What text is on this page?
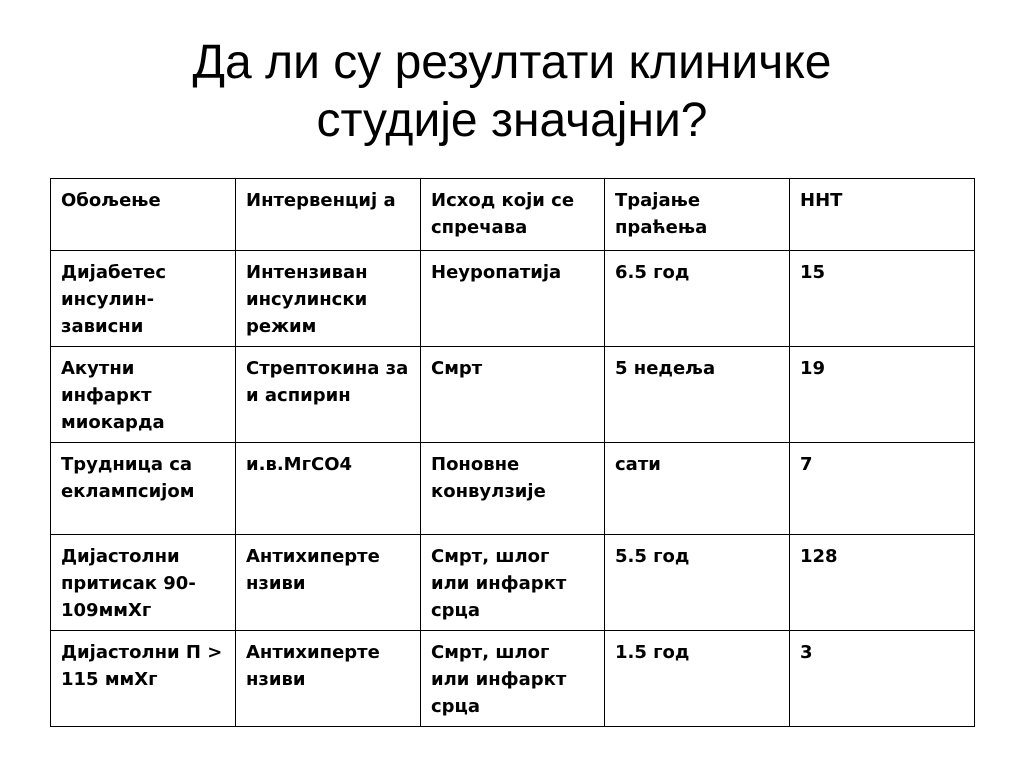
Да ли су резултати клиничке
студије значајни?
Обољење	Интервенциј а	Исход који се спречава	Трајање праћења	ННТ
Дијабетес инсулин-зависни	Интензиван инсулински режим	Неуропатија	6.5 год	15
Акутни инфаркт миокарда	Стрептокина за и аспирин	Смрт	5 недеља	19
Трудница са еклампсијом	и.в.МгСО4	Поновне конвулзије	сати	7
Дијастолни притисак 90-109ммХг	Антихиперте нзиви	Смрт, шлог или инфаркт срца	5.5 год	128
Дијастолни П > 115 ммХг	Антихиперте нзиви	Смрт, шлог или инфаркт срца	1.5 год	3
